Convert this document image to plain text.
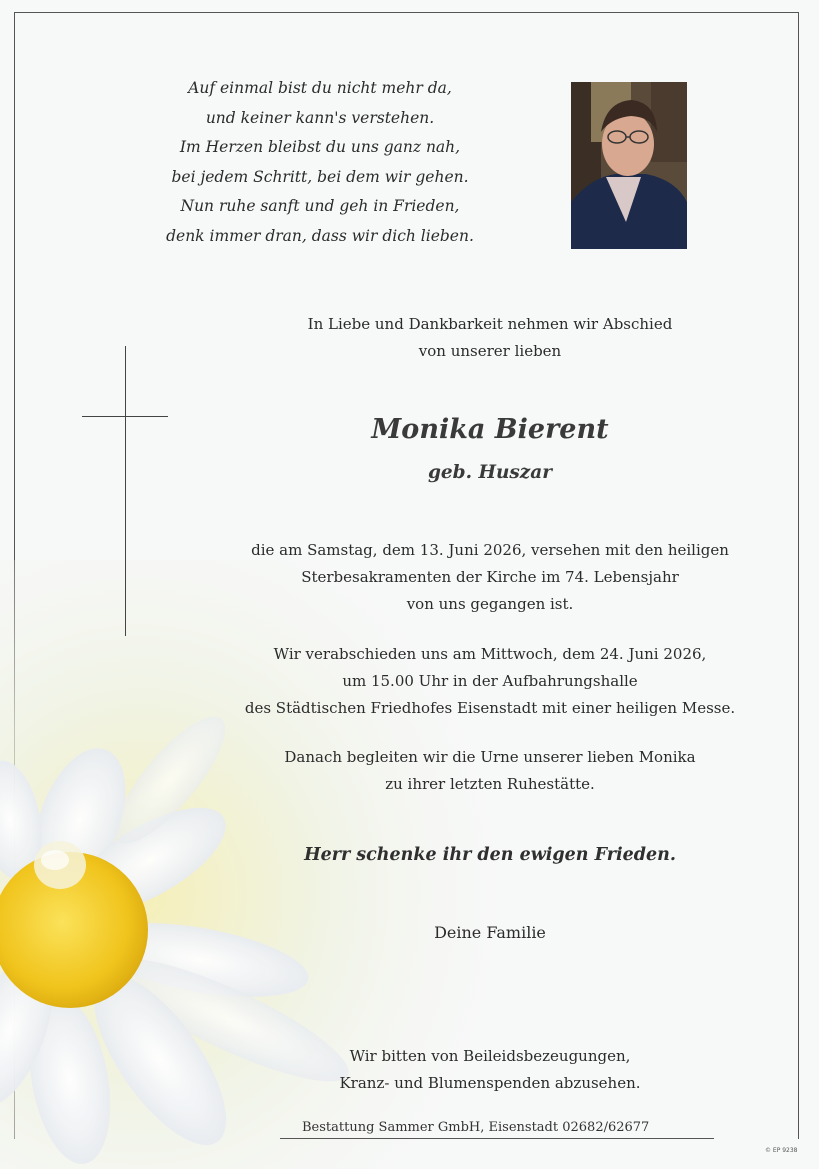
Auf einmal bist du nicht mehr da,
und keiner kann's verstehen.
Im Herzen bleibst du uns ganz nah,
bei jedem Schritt, bei dem wir gehen.
Nun ruhe sanft und geh in Frieden,
denk immer dran, dass wir dich lieben.
In Liebe und Dankbarkeit nehmen wir Abschied
von unserer lieben
Monika Bierent
geb. Huszar
die am Samstag, dem 13. Juni 2026, versehen mit den heiligen
Sterbesakramenten der Kirche im 74. Lebensjahr
von uns gegangen ist.
Wir verabschieden uns am Mittwoch, dem 24. Juni 2026,
um 15.00 Uhr in der Aufbahrungshalle
des Städtischen Friedhofes Eisenstadt mit einer heiligen Messe.
Danach begleiten wir die Urne unserer lieben Monika
zu ihrer letzten Ruhestätte.
Herr schenke ihr den ewigen Frieden.
Deine Familie
Wir bitten von Beileidsbezeugungen,
Kranz- und Blumenspenden abzusehen.
Bestattung Sammer GmbH, Eisenstadt 02682/62677
© EP 9238
